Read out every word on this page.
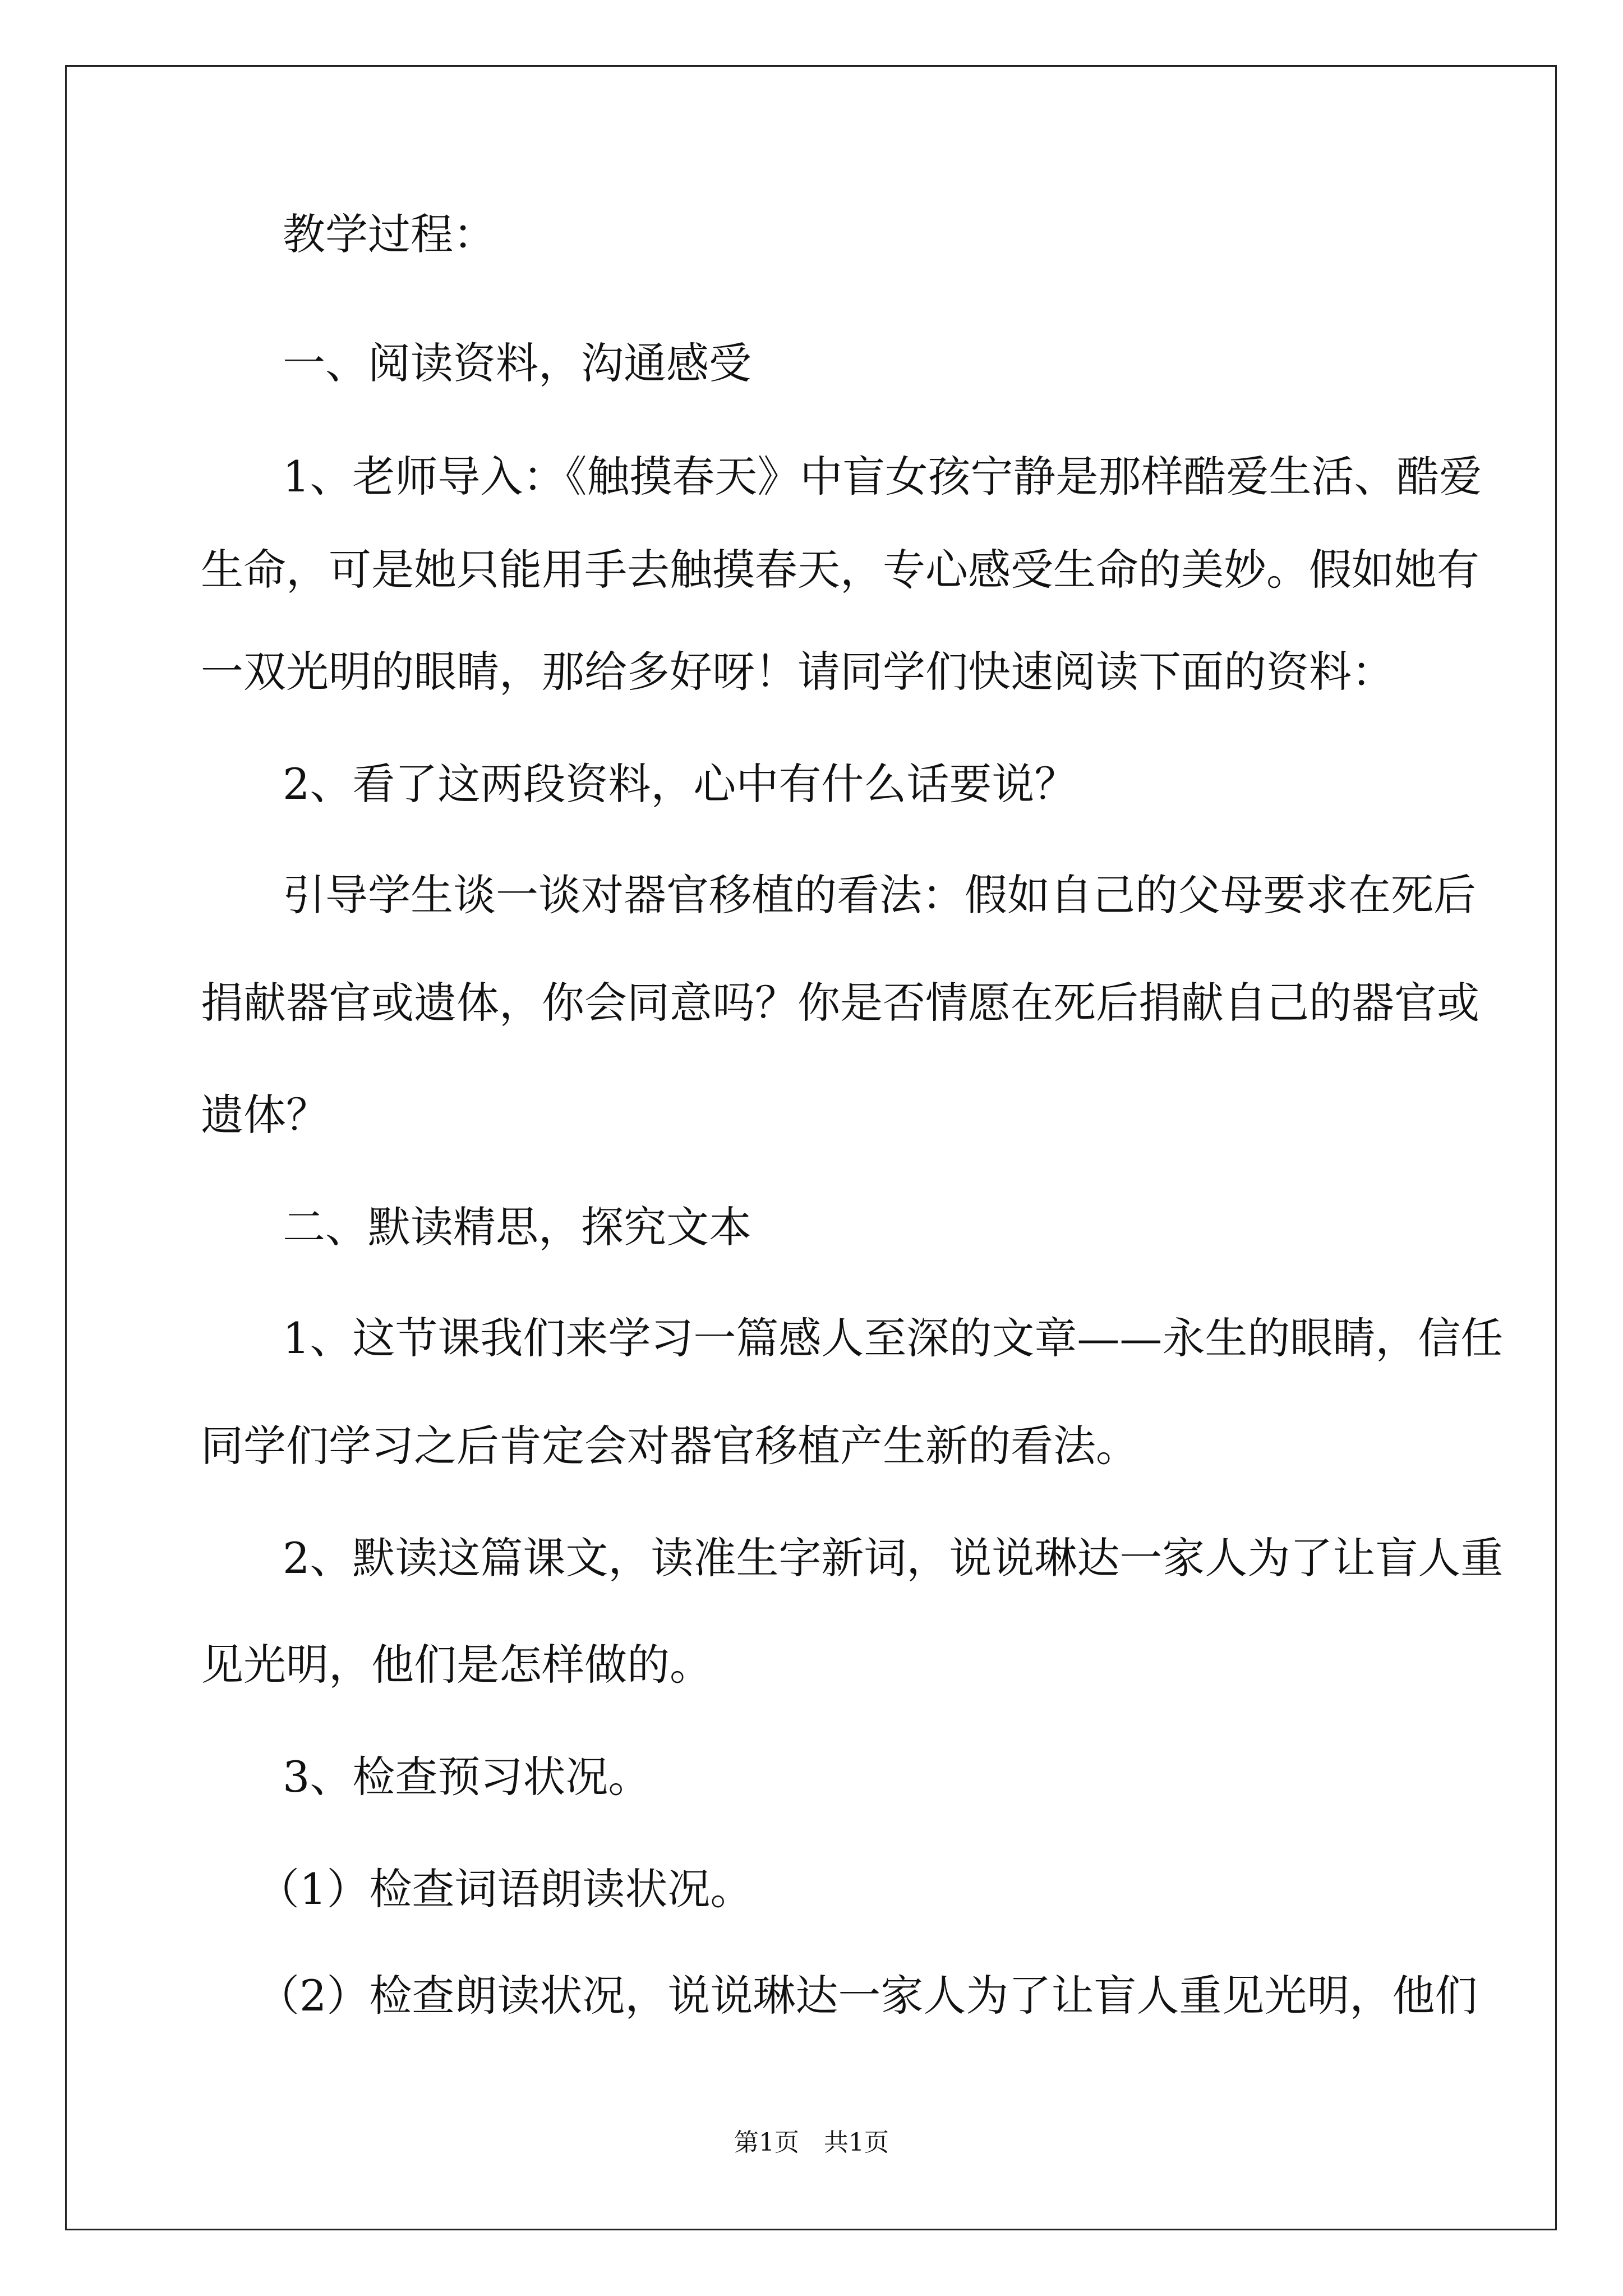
教学过程：
一、阅读资料，沟通感受
1、老师导入：《触摸春天》中盲女孩宁静是那样酷爱生活、酷爱
生命，可是她只能用手去触摸春天，专心感受生命的美妙。假如她有
一双光明的眼睛，那给多好呀！请同学们快速阅读下面的资料：
2、看了这两段资料，心中有什么话要说？
引导学生谈一谈对器官移植的看法：假如自己的父母要求在死后
捐献器官或遗体，你会同意吗？你是否情愿在死后捐献自己的器官或
遗体？
二、默读精思，探究文本
1、这节课我们来学习一篇感人至深的文章——永生的眼睛，信任
同学们学习之后肯定会对器官移植产生新的看法。
2、默读这篇课文，读准生字新词，说说琳达一家人为了让盲人重
见光明，他们是怎样做的。
3、检查预习状况。
（1）检查词语朗读状况。
（2）检查朗读状况，说说琳达一家人为了让盲人重见光明，他们
第1页　共1页
